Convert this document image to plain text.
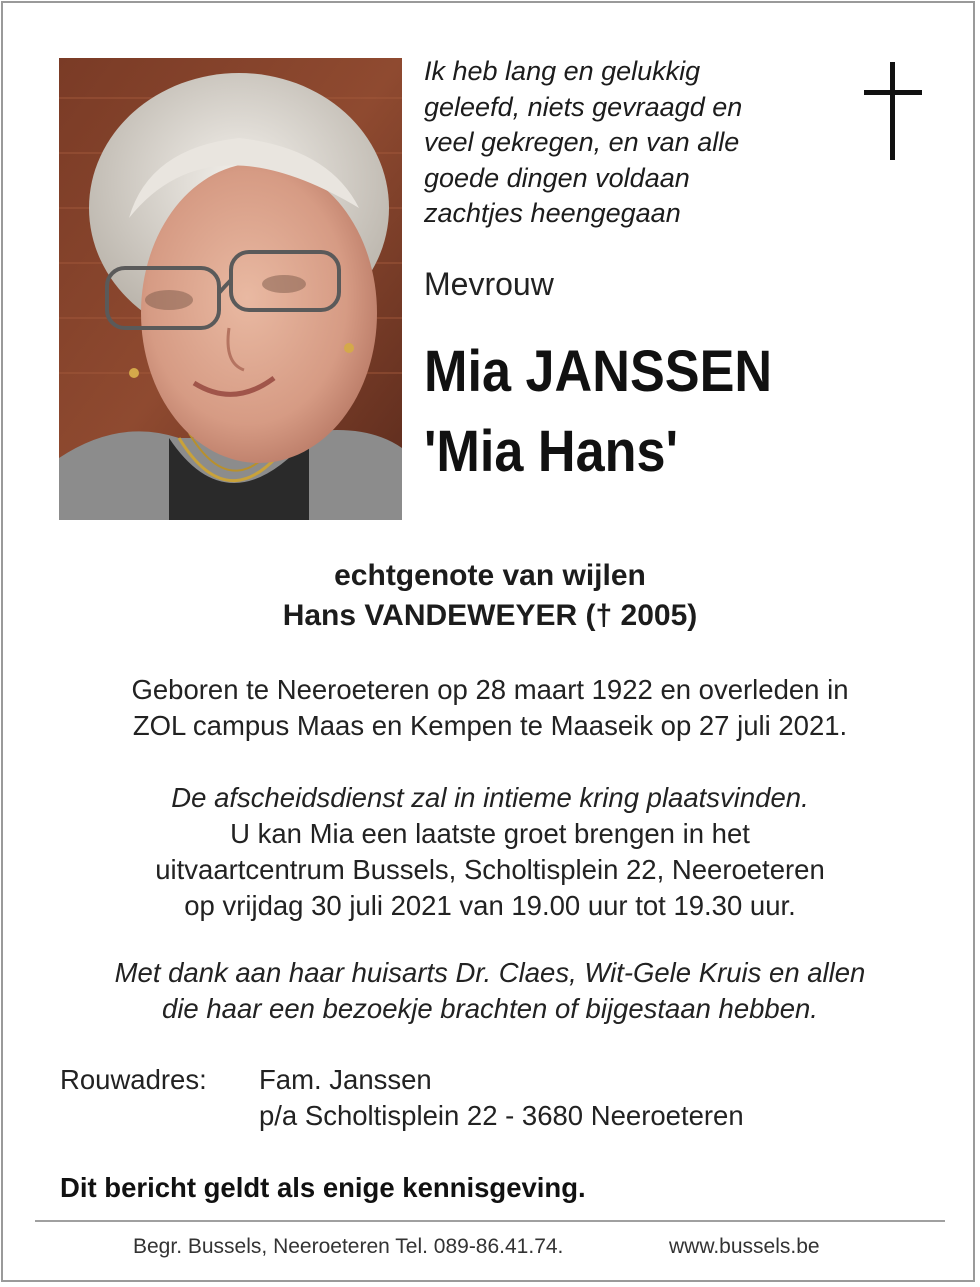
Ik heb lang en gelukkig
geleefd, niets gevraagd en
veel gekregen, en van alle
goede dingen voldaan
zachtjes heengegaan
Mevrouw
Mia JANSSEN
'Mia Hans'
echtgenote van wijlen
Hans VANDEWEYER († 2005)
Geboren te Neeroeteren op 28 maart 1922 en overleden in
ZOL campus Maas en Kempen te Maaseik op 27 juli 2021.
De afscheidsdienst zal in intieme kring plaatsvinden.
U kan Mia een laatste groet brengen in het
uitvaartcentrum Bussels, Scholtisplein 22, Neeroeteren
op vrijdag 30 juli 2021 van 19.00 uur tot 19.30 uur.
Met dank aan haar huisarts Dr. Claes, Wit-Gele Kruis en allen
die haar een bezoekje brachten of bijgestaan hebben.
Rouwadres: Fam. Janssen
p/a Scholtisplein 22 - 3680 Neeroeteren
Dit bericht geldt als enige kennisgeving.
Begr. Bussels, Neeroeteren Tel. 089-86.41.74.	www.bussels.be
